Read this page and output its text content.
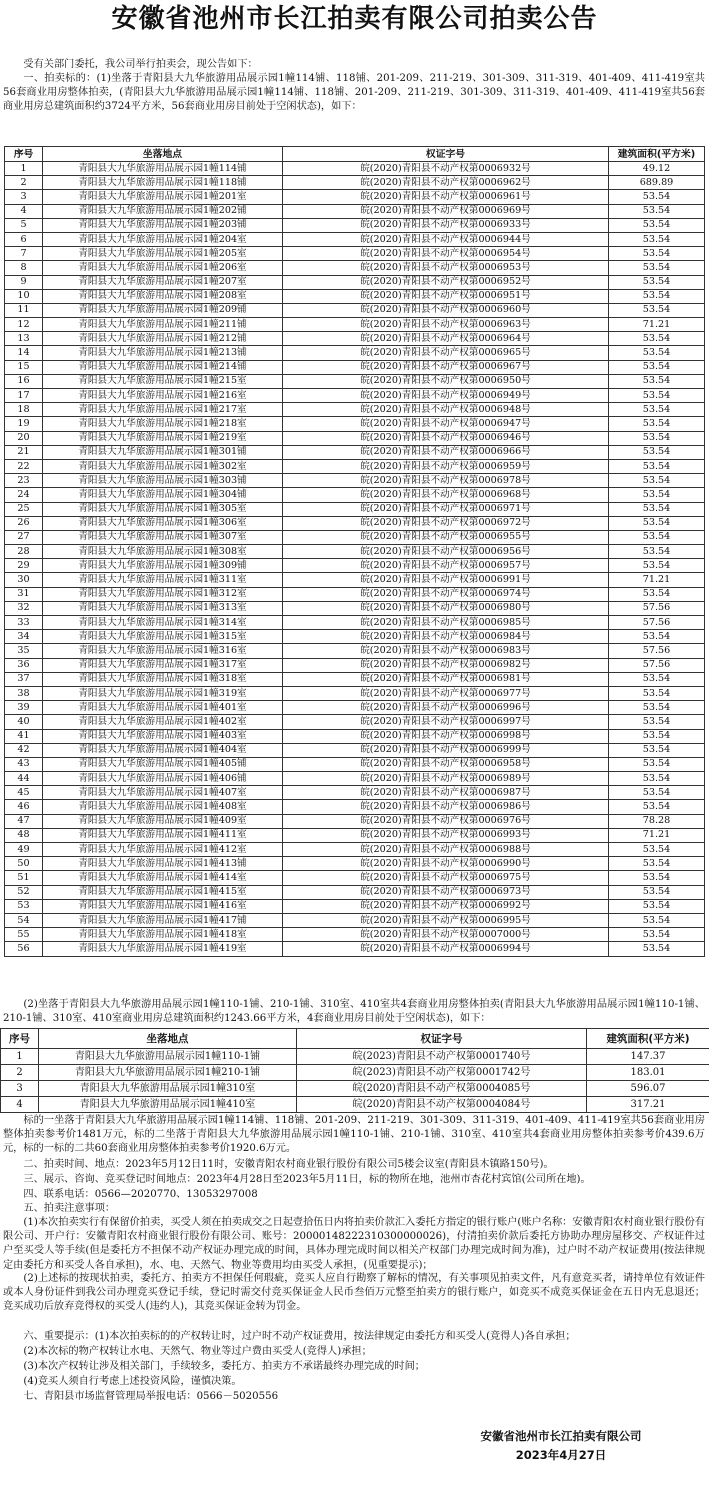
安徽省池州市长江拍卖有限公司拍卖公告

受有关部门委托，我公司举行拍卖会，现公告如下：

一、拍卖标的：(1)坐落于青阳县大九华旅游用品展示园1幢114铺、118铺、201-209、211-219、301-309、311-319、401-409、411-419室共56套商业用房整体拍卖，(青阳县大九华旅游用品展示园1幢114铺、118铺、201-209、211-219、301-309、311-319、401-409、411-419室共56套商业用房总建筑面积约3724平方米，56套商业用房目前处于空闲状态)，如下：

序号	坐落地点	权证字号	建筑面积(平方米)
1	青阳县大九华旅游用品展示园1幢114铺	皖(2020)青阳县不动产权第0006932号	49.12
2	青阳县大九华旅游用品展示园1幢118铺	皖(2020)青阳县不动产权第0006962号	689.89
3	青阳县大九华旅游用品展示园1幢201室	皖(2020)青阳县不动产权第0006961号	53.54
4	青阳县大九华旅游用品展示园1幢202铺	皖(2020)青阳县不动产权第0006969号	53.54
5	青阳县大九华旅游用品展示园1幢203铺	皖(2020)青阳县不动产权第0006933号	53.54
6	青阳县大九华旅游用品展示园1幢204室	皖(2020)青阳县不动产权第0006944号	53.54
7	青阳县大九华旅游用品展示园1幢205室	皖(2020)青阳县不动产权第0006954号	53.54
8	青阳县大九华旅游用品展示园1幢206室	皖(2020)青阳县不动产权第0006953号	53.54
9	青阳县大九华旅游用品展示园1幢207室	皖(2020)青阳县不动产权第0006952号	53.54
10	青阳县大九华旅游用品展示园1幢208室	皖(2020)青阳县不动产权第0006951号	53.54
11	青阳县大九华旅游用品展示园1幢209铺	皖(2020)青阳县不动产权第0006960号	53.54
12	青阳县大九华旅游用品展示园1幢211铺	皖(2020)青阳县不动产权第0006963号	71.21
13	青阳县大九华旅游用品展示园1幢212铺	皖(2020)青阳县不动产权第0006964号	53.54
14	青阳县大九华旅游用品展示园1幢213铺	皖(2020)青阳县不动产权第0006965号	53.54
15	青阳县大九华旅游用品展示园1幢214铺	皖(2020)青阳县不动产权第0006967号	53.54
16	青阳县大九华旅游用品展示园1幢215室	皖(2020)青阳县不动产权第0006950号	53.54
17	青阳县大九华旅游用品展示园1幢216室	皖(2020)青阳县不动产权第0006949号	53.54
18	青阳县大九华旅游用品展示园1幢217室	皖(2020)青阳县不动产权第0006948号	53.54
19	青阳县大九华旅游用品展示园1幢218室	皖(2020)青阳县不动产权第0006947号	53.54
20	青阳县大九华旅游用品展示园1幢219室	皖(2020)青阳县不动产权第0006946号	53.54
21	青阳县大九华旅游用品展示园1幢301铺	皖(2020)青阳县不动产权第0006966号	53.54
22	青阳县大九华旅游用品展示园1幢302室	皖(2020)青阳县不动产权第0006959号	53.54
23	青阳县大九华旅游用品展示园1幢303铺	皖(2020)青阳县不动产权第0006978号	53.54
24	青阳县大九华旅游用品展示园1幢304铺	皖(2020)青阳县不动产权第0006968号	53.54
25	青阳县大九华旅游用品展示园1幢305室	皖(2020)青阳县不动产权第0006971号	53.54
26	青阳县大九华旅游用品展示园1幢306室	皖(2020)青阳县不动产权第0006972号	53.54
27	青阳县大九华旅游用品展示园1幢307室	皖(2020)青阳县不动产权第0006955号	53.54
28	青阳县大九华旅游用品展示园1幢308室	皖(2020)青阳县不动产权第0006956号	53.54
29	青阳县大九华旅游用品展示园1幢309铺	皖(2020)青阳县不动产权第0006957号	53.54
30	青阳县大九华旅游用品展示园1幢311室	皖(2020)青阳县不动产权第0006991号	71.21
31	青阳县大九华旅游用品展示园1幢312室	皖(2020)青阳县不动产权第0006974号	53.54
32	青阳县大九华旅游用品展示园1幢313室	皖(2020)青阳县不动产权第0006980号	57.56
33	青阳县大九华旅游用品展示园1幢314室	皖(2020)青阳县不动产权第0006985号	57.56
34	青阳县大九华旅游用品展示园1幢315室	皖(2020)青阳县不动产权第0006984号	53.54
35	青阳县大九华旅游用品展示园1幢316室	皖(2020)青阳县不动产权第0006983号	57.56
36	青阳县大九华旅游用品展示园1幢317室	皖(2020)青阳县不动产权第0006982号	57.56
37	青阳县大九华旅游用品展示园1幢318室	皖(2020)青阳县不动产权第0006981号	53.54
38	青阳县大九华旅游用品展示园1幢319室	皖(2020)青阳县不动产权第0006977号	53.54
39	青阳县大九华旅游用品展示园1幢401室	皖(2020)青阳县不动产权第0006996号	53.54
40	青阳县大九华旅游用品展示园1幢402室	皖(2020)青阳县不动产权第0006997号	53.54
41	青阳县大九华旅游用品展示园1幢403室	皖(2020)青阳县不动产权第0006998号	53.54
42	青阳县大九华旅游用品展示园1幢404室	皖(2020)青阳县不动产权第0006999号	53.54
43	青阳县大九华旅游用品展示园1幢405铺	皖(2020)青阳县不动产权第0006958号	53.54
44	青阳县大九华旅游用品展示园1幢406铺	皖(2020)青阳县不动产权第0006989号	53.54
45	青阳县大九华旅游用品展示园1幢407室	皖(2020)青阳县不动产权第0006987号	53.54
46	青阳县大九华旅游用品展示园1幢408室	皖(2020)青阳县不动产权第0006986号	53.54
47	青阳县大九华旅游用品展示园1幢409室	皖(2020)青阳县不动产权第0006976号	78.28
48	青阳县大九华旅游用品展示园1幢411室	皖(2020)青阳县不动产权第0006993号	71.21
49	青阳县大九华旅游用品展示园1幢412室	皖(2020)青阳县不动产权第0006988号	53.54
50	青阳县大九华旅游用品展示园1幢413铺	皖(2020)青阳县不动产权第0006990号	53.54
51	青阳县大九华旅游用品展示园1幢414室	皖(2020)青阳县不动产权第0006975号	53.54
52	青阳县大九华旅游用品展示园1幢415室	皖(2020)青阳县不动产权第0006973号	53.54
53	青阳县大九华旅游用品展示园1幢416室	皖(2020)青阳县不动产权第0006992号	53.54
54	青阳县大九华旅游用品展示园1幢417铺	皖(2020)青阳县不动产权第0006995号	53.54
55	青阳县大九华旅游用品展示园1幢418室	皖(2020)青阳县不动产权第0007000号	53.54
56	青阳县大九华旅游用品展示园1幢419室	皖(2020)青阳县不动产权第0006994号	53.54

(2)坐落于青阳县大九华旅游用品展示园1幢110-1铺、210-1铺、310室、410室共4套商业用房整体拍卖(青阳县大九华旅游用品展示园1幢110-1铺、210-1铺、310室、410室商业用房总建筑面积约1243.66平方米，4套商业用房目前处于空闲状态)，如下：

序号	坐落地点	权证字号	建筑面积(平方米)
1	青阳县大九华旅游用品展示园1幢110-1铺	皖(2023)青阳县不动产权第0001740号	147.37
2	青阳县大九华旅游用品展示园1幢210-1铺	皖(2023)青阳县不动产权第0001742号	183.01
3	青阳县大九华旅游用品展示园1幢310室	皖(2020)青阳县不动产权第0004085号	596.07
4	青阳县大九华旅游用品展示园1幢410室	皖(2020)青阳县不动产权第0004084号	317.21

标的一坐落于青阳县大九华旅游用品展示园1幢114铺、118铺、201-209、211-219、301-309、311-319、401-409、411-419室共56套商业用房整体拍卖参考价1481万元，标的二坐落于青阳县大九华旅游用品展示园1幢110-1铺、210-1铺、310室、410室共4套商业用房整体拍卖参考价439.6万元，标的一标的二共60套商业用房整体拍卖参考价1920.6万元。

二、拍卖时间、地点：2023年5月12日11时，安徽青阳农村商业银行股份有限公司5楼会议室(青阳县木镇路150号)。

三、展示、咨询、竞买登记时间地点：2023年4月28日至2023年5月11日，标的物所在地，池州市杏花村宾馆(公司所在地)。

四、联系电话：0566—2020770、13053297008

五、拍卖注意事项：

(1)本次拍卖实行有保留价拍卖，买受人须在拍卖成交之日起壹拾伍日内将拍卖价款汇入委托方指定的银行账户(账户名称：安徽青阳农村商业银行股份有限公司、开户行：安徽青阳农村商业银行股份有限公司、账号：20000148222310300000026)，付清拍卖价款后委托方协助办理房屋移交、产权证件过户至买受人等手续(但是委托方不担保不动产权证办理完成的时间，具体办理完成时间以相关产权部门办理完成时间为准)，过户时不动产权证费用(按法律规定由委托方和买受人各自承担)，水、电、天然气、物业等费用均由买受人承担，(见重要提示)；

(2)上述标的按现状拍卖，委托方、拍卖方不担保任何瑕疵，竞买人应自行勘察了解标的情况，有关事项见拍卖文件，凡有意竞买者，请持单位有效证件或本人身份证件到我公司办理竞买登记手续，登记时需交付竞买保证金人民币叁佰万元整至拍卖方的银行账户，如竞买不成竞买保证金在五日内无息退还；竞买成功后放弃竞得权的买受人(违约人)，其竞买保证金转为罚金。

六、重要提示：(1)本次拍卖标的的产权转让时，过户时不动产权证费用，按法律规定由委托方和买受人(竞得人)各自承担；

(2)本次标的物产权转让水电、天然气、物业等过户费由买受人(竞得人)承担；

(3)本次产权转让涉及相关部门，手续较多，委托方、拍卖方不承诺最终办理完成的时间；

(4)竞买人须自行考虑上述投资风险，谨慎决策。

七、青阳县市场监督管理局举报电话：0566－5020556

安徽省池州市长江拍卖有限公司
2023年4月27日
